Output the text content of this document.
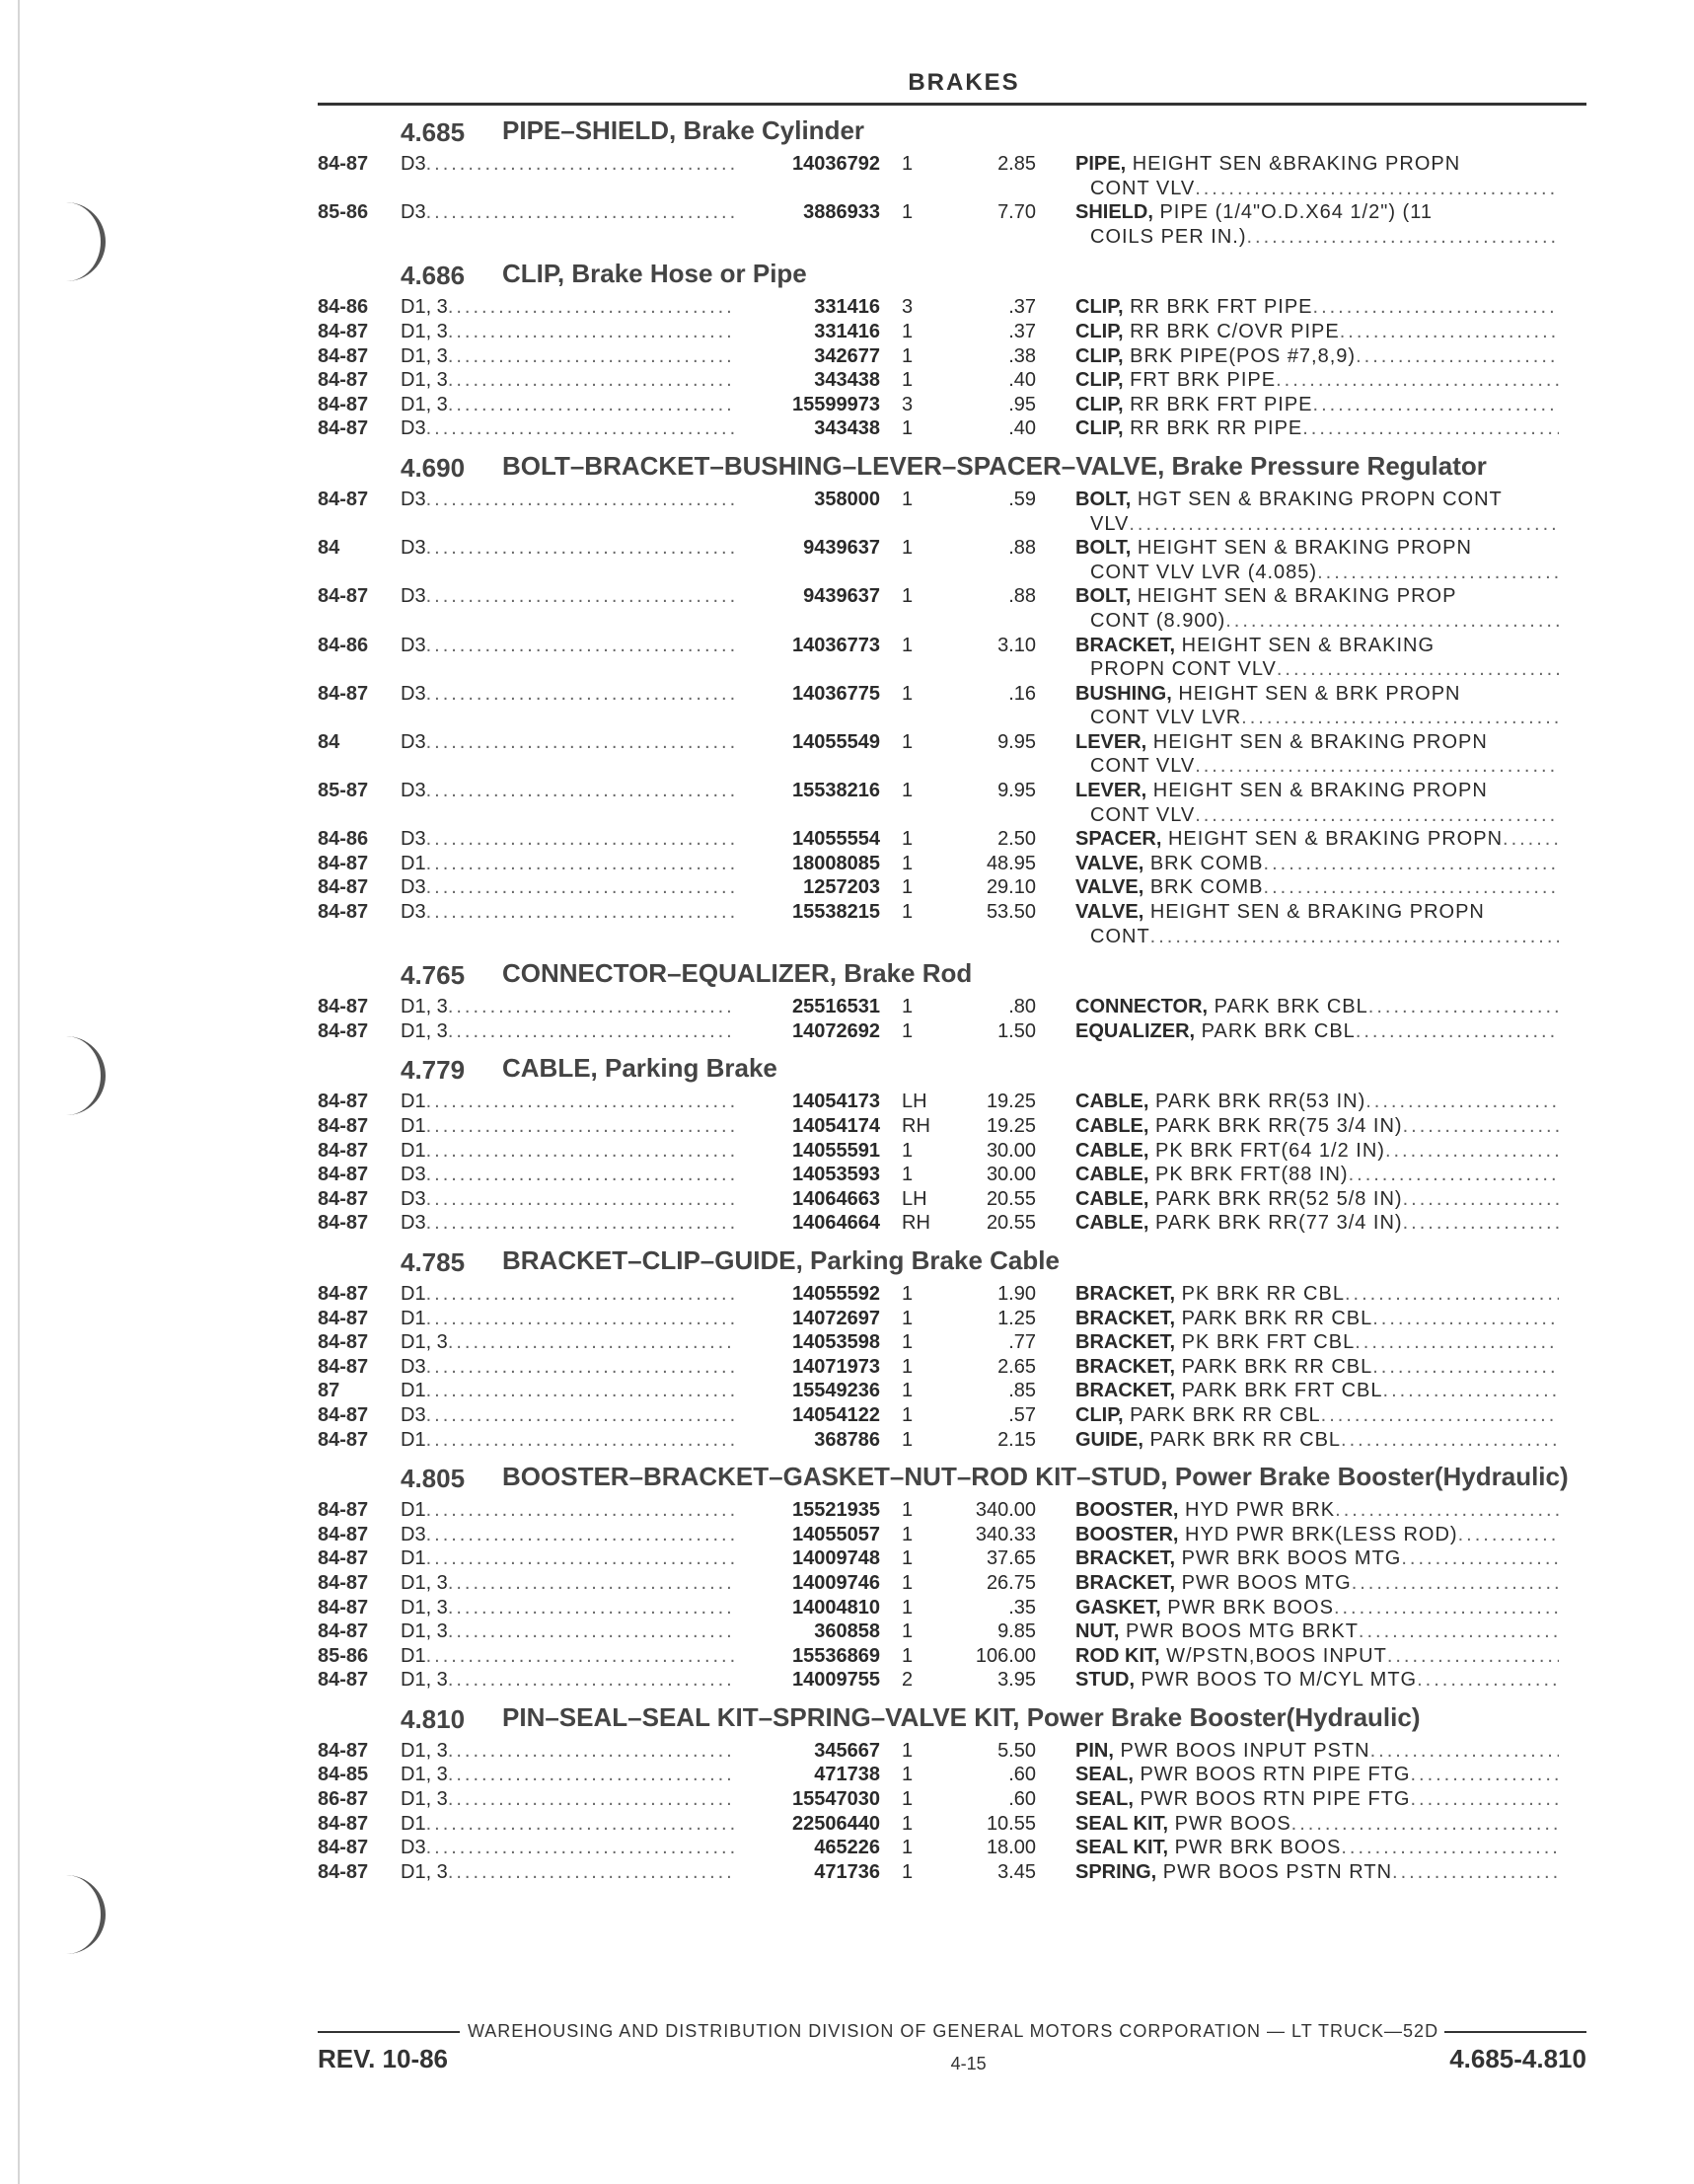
BRAKES
4.685	PIPE–SHIELD, Brake Cylinder
84-87	D3 .....	14036792	1	2.85 PIPE, HEIGHT SEN &BRAKING PROPN
CONT VLV
.....
85-86	D3 .....	3886933	1	7.70 SHIELD, PIPE (1/4"O.D.X64 1/2") (11
COILS PER IN.)
.....
4.686	CLIP, Brake Hose or Pipe
84-86	D1, 3 .....	331416	3	.37 CLIP, RR BRK FRT PIPE
.....
84-87	D1, 3 .....	331416	1	.37 CLIP, RR BRK C/OVR PIPE
.....
84-87	D1, 3 .....	342677	1	.38 CLIP, BRK PIPE(POS #7,8,9)
.....
84-87	D1, 3 .....	343438	1	.40 CLIP, FRT BRK PIPE
.....
84-87	D1, 3 .....	15599973	3	.95 CLIP, RR BRK FRT PIPE
.....
84-87	D3 .....	343438	1	.40 CLIP, RR BRK RR PIPE
.....
4.690	BOLT–BRACKET–BUSHING–LEVER–SPACER–VALVE, Brake Pressure Regulator
84-87	D3 .....	358000	1	.59 BOLT, HGT SEN & BRAKING PROPN CONT
VLV
.....
84	D3 .....	9439637	1	.88 BOLT, HEIGHT SEN & BRAKING PROPN
CONT VLV LVR (4.085)
.....
84-87	D3 .....	9439637	1	.88 BOLT, HEIGHT SEN & BRAKING PROP
CONT (8.900)
.....
84-86	D3 .....	14036773	1	3.10 BRACKET, HEIGHT SEN & BRAKING
PROPN CONT VLV
.....
84-87	D3 .....	14036775	1	.16 BUSHING, HEIGHT SEN & BRK PROPN
CONT VLV LVR
.....
84	D3 .....	14055549	1	9.95 LEVER, HEIGHT SEN & BRAKING PROPN
CONT VLV
.....
85-87	D3 .....	15538216	1	9.95 LEVER, HEIGHT SEN & BRAKING PROPN
CONT VLV
.....
84-86	D3 .....	14055554	1	2.50 SPACER, HEIGHT SEN & BRAKING PROPN
.....
84-87	D1 .....	18008085	1	48.95 VALVE, BRK COMB
.....
84-87	D3 .....	1257203	1	29.10 VALVE, BRK COMB
.....
84-87	D3 .....	15538215	1	53.50 VALVE, HEIGHT SEN & BRAKING PROPN
CONT
.....
4.765	CONNECTOR–EQUALIZER, Brake Rod
84-87	D1, 3 .....	25516531	1	.80 CONNECTOR, PARK BRK CBL
.....
84-87	D1, 3 .....	14072692	1	1.50 EQUALIZER, PARK BRK CBL
.....
4.779	CABLE, Parking Brake
84-87	D1 .....	14054173	LH	19.25 CABLE, PARK BRK RR(53 IN)
.....
84-87	D1 .....	14054174	RH	19.25 CABLE, PARK BRK RR(75 3/4 IN)
.....
84-87	D1 .....	14055591	1	30.00 CABLE, PK BRK FRT(64 1/2 IN)
.....
84-87	D3 .....	14053593	1	30.00 CABLE, PK BRK FRT(88 IN)
.....
84-87	D3 .....	14064663	LH	20.55 CABLE, PARK BRK RR(52 5/8 IN)
.....
84-87	D3 .....	14064664	RH	20.55 CABLE, PARK BRK RR(77 3/4 IN)
.....
4.785	BRACKET–CLIP–GUIDE, Parking Brake Cable
84-87	D1 .....	14055592	1	1.90 BRACKET, PK BRK RR CBL
.....
84-87	D1 .....	14072697	1	1.25 BRACKET, PARK BRK RR CBL
.....
84-87	D1, 3 .....	14053598	1	.77 BRACKET, PK BRK FRT CBL
.....
84-87	D3 .....	14071973	1	2.65 BRACKET, PARK BRK RR CBL
.....
87	D1 .....	15549236	1	.85 BRACKET, PARK BRK FRT CBL
.....
84-87	D3 .....	14054122	1	.57 CLIP, PARK BRK RR CBL
.....
84-87	D1 .....	368786	1	2.15 GUIDE, PARK BRK RR CBL
.....
4.805	BOOSTER–BRACKET–GASKET–NUT–ROD KIT–STUD, Power Brake Booster(Hydraulic)
84-87	D1 .....	15521935	1	340.00 BOOSTER, HYD PWR BRK
.....
84-87	D3 .....	14055057	1	340.33 BOOSTER, HYD PWR BRK(LESS ROD)
.....
84-87	D1 .....	14009748	1	37.65 BRACKET, PWR BRK BOOS MTG
.....
84-87	D1, 3 .....	14009746	1	26.75 BRACKET, PWR BOOS MTG
.....
84-87	D1, 3 .....	14004810	1	.35 GASKET, PWR BRK BOOS
.....
84-87	D1, 3 .....	360858	1	9.85 NUT, PWR BOOS MTG BRKT
.....
85-86	D1 .....	15536869	1	106.00 ROD KIT, W/PSTN,BOOS INPUT
.....
84-87	D1, 3 .....	14009755	2	3.95 STUD, PWR BOOS TO M/CYL MTG
.....
4.810	PIN–SEAL–SEAL KIT–SPRING–VALVE KIT, Power Brake Booster(Hydraulic)
84-87	D1, 3 .....	345667	1	5.50 PIN, PWR BOOS INPUT PSTN
.....
84-85	D1, 3 .....	471738	1	.60 SEAL, PWR BOOS RTN PIPE FTG
.....
86-87	D1, 3 .....	15547030	1	.60 SEAL, PWR BOOS RTN PIPE FTG
.....
84-87	D1 .....	22506440	1	10.55 SEAL KIT, PWR BOOS
.....
84-87	D3 .....	465226	1	18.00 SEAL KIT, PWR BRK BOOS
.....
84-87	D1, 3 .....	471736	1	3.45 SPRING, PWR BOOS PSTN RTN
.....
WAREHOUSING AND DISTRIBUTION DIVISION OF GENERAL MOTORS CORPORATION — LT TRUCK—52D
REV. 10-86	4-15	4.685-4.810
